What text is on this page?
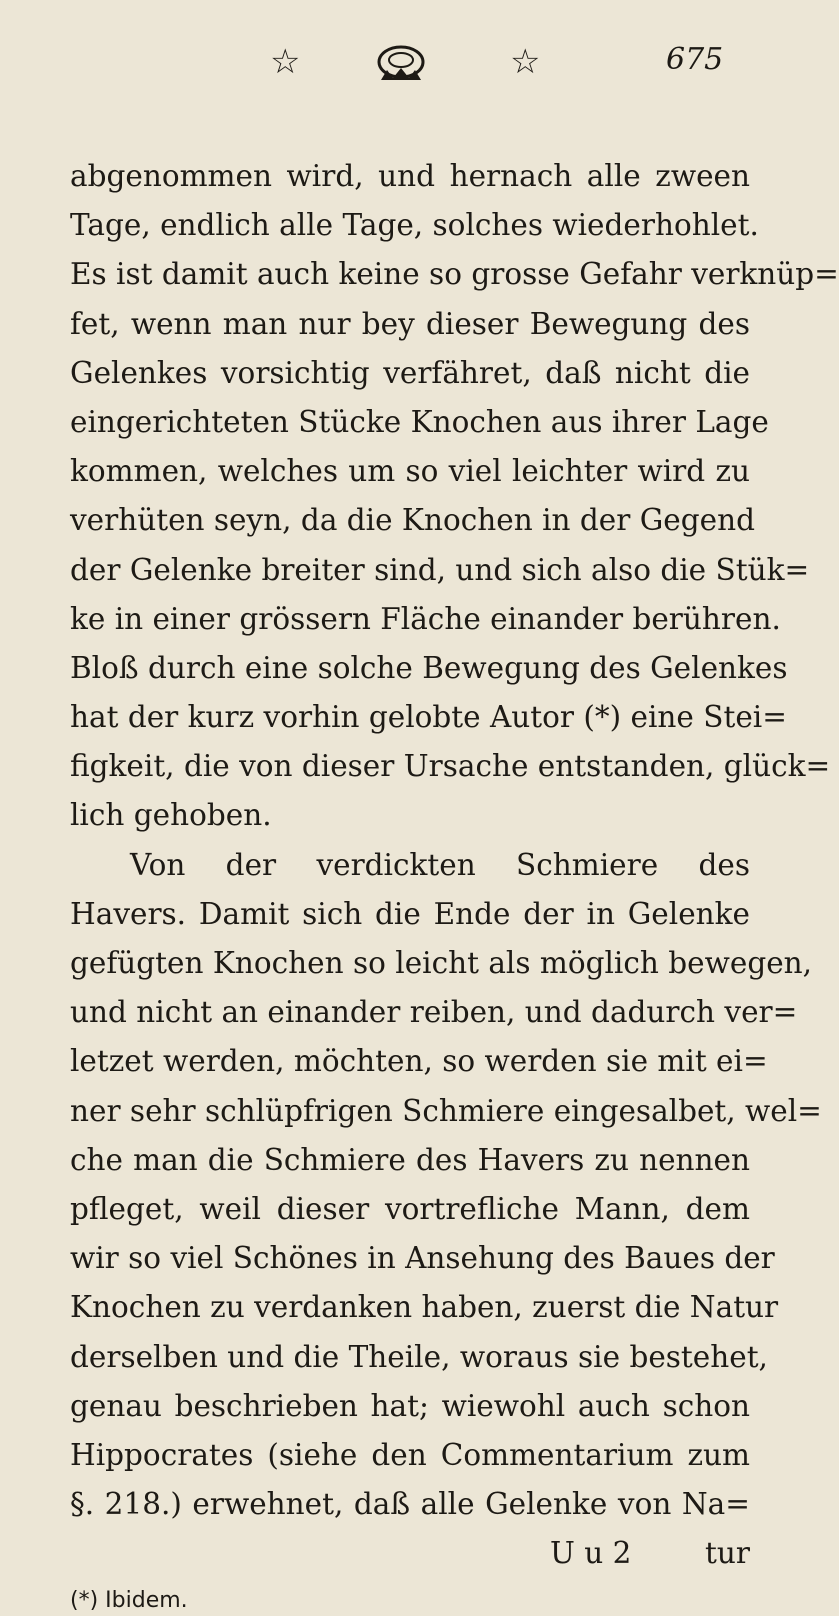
☆	☆	675
abgenommen wird, und hernach alle zween
Tage, endlich alle Tage, solches wiederhohlet.
Es ist damit auch keine so grosse Gefahr verknüp=
fet, wenn man nur bey dieser Bewegung des
Gelenkes vorsichtig verfähret, daß nicht die
eingerichteten Stücke Knochen aus ihrer Lage
kommen, welches um so viel leichter wird zu
verhüten seyn, da die Knochen in der Gegend
der Gelenke breiter sind, und sich also die Stük=
ke in einer grössern Fläche einander berühren.
Bloß durch eine solche Bewegung des Gelenkes
hat der kurz vorhin gelobte Autor (*) eine Stei=
figkeit, die von dieser Ursache entstanden, glück=
lich gehoben.
Von der verdickten Schmiere des
Havers. Damit sich die Ende der in Gelenke
gefügten Knochen so leicht als möglich bewegen,
und nicht an einander reiben, und dadurch ver=
letzet werden, möchten, so werden sie mit ei=
ner sehr schlüpfrigen Schmiere eingesalbet, wel=
che man die Schmiere des Havers zu nennen
pfleget, weil dieser vortrefliche Mann, dem
wir so viel Schönes in Ansehung des Baues der
Knochen zu verdanken haben, zuerst die Natur
derselben und die Theile, woraus sie bestehet,
genau beschrieben hat; wiewohl auch schon
Hippocrates (siehe den Commentarium zum
§. 218.) erwehnet, daß alle Gelenke von Na=
U u 2	tur
(*) Ibidem.
